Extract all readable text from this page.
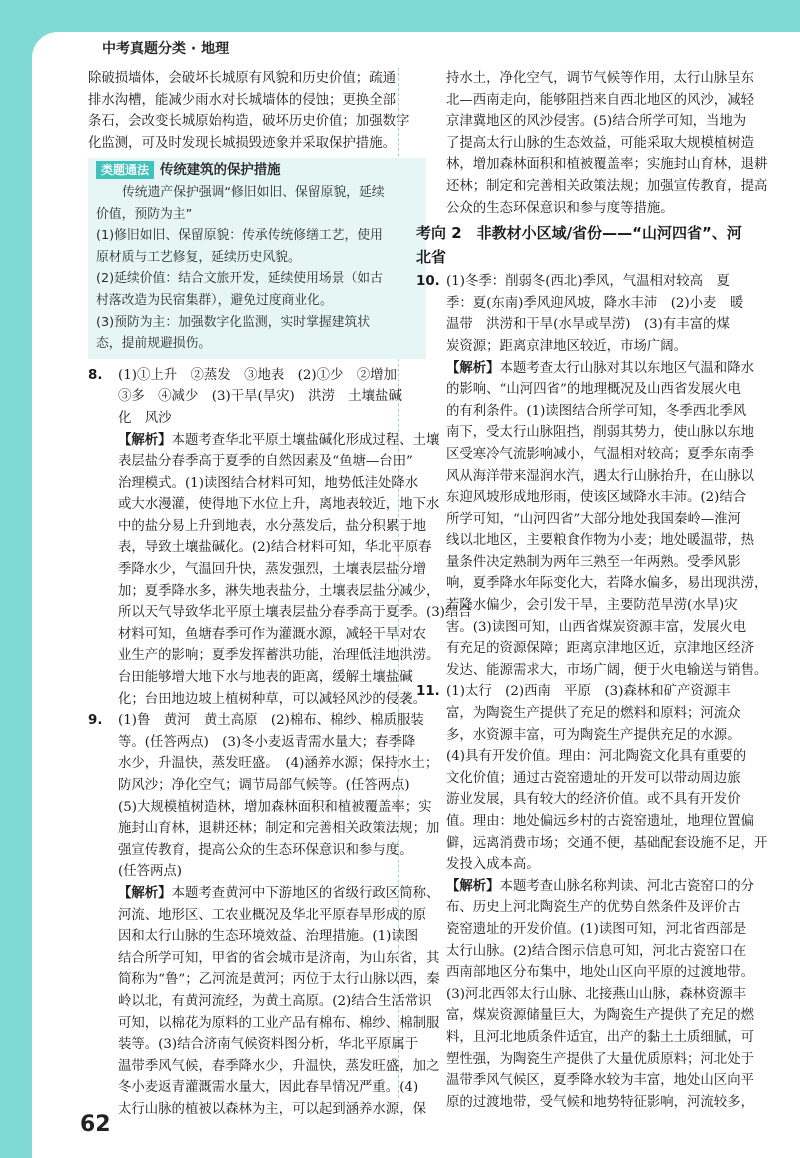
中考真题分类 · 地理
除破损墙体，会破坏长城原有风貌和历史价值；疏通
排水沟槽，能减少雨水对长城墙体的侵蚀；更换全部
条石，会改变长城原始构造，破坏历史价值；加强数字
化监测，可及时发现长城损毁迹象并采取保护措施。
类题通法 传统建筑的保护措施
传统遗产保护强调“修旧如旧、保留原貌，延续
价值，预防为主”
(1)修旧如旧、保留原貌：传承传统修缮工艺，使用
原材质与工艺修复，延续历史风貌。
(2)延续价值：结合文旅开发，延续使用场景（如古
村落改造为民宿集群），避免过度商业化。
(3)预防为主：加强数字化监测，实时掌握建筑状
态，提前规避损伤。
8. (1)①上升　②蒸发　③地表　(2)①少　②增加
③多　④减少　(3)干旱(旱灾)　洪涝　土壤盐碱
化　风沙
【解析】本题考查华北平原土壤盐碱化形成过程、土壤
表层盐分春季高于夏季的自然因素及“鱼塘—台田”
治理模式。(1)读图结合材料可知，地势低洼处降水
或大水漫灌，使得地下水位上升，离地表较近，地下水
中的盐分易上升到地表，水分蒸发后，盐分积累于地
表，导致土壤盐碱化。(2)结合材料可知，华北平原春
季降水少，气温回升快，蒸发强烈，土壤表层盐分增
加；夏季降水多，淋失地表盐分，土壤表层盐分减少，
所以天气导致华北平原土壤表层盐分春季高于夏季。(3)结合
材料可知，鱼塘春季可作为灌溉水源，减轻干旱对农
业生产的影响；夏季发挥蓄洪功能，治理低洼地洪涝。
台田能够增大地下水与地表的距离，缓解土壤盐碱
化；台田地边坡上植树种草，可以减轻风沙的侵袭。
9. (1)鲁　黄河　黄土高原　(2)棉布、棉纱、棉质服装
等。(任答两点)　(3)冬小麦返青需水量大；春季降
水少，升温快，蒸发旺盛。　(4)涵养水源；保持水土；
防风沙；净化空气；调节局部气候等。(任答两点)
(5)大规模植树造林，增加森林面积和植被覆盖率；实
施封山育林，退耕还林；制定和完善相关政策法规；加
强宣传教育，提高公众的生态环保意识和参与度。
(任答两点)
【解析】本题考查黄河中下游地区的省级行政区简称、
河流、地形区、工农业概况及华北平原春旱形成的原
因和太行山脉的生态环境效益、治理措施。(1)读图
结合所学可知，甲省的省会城市是济南，为山东省，其
简称为“鲁”；乙河流是黄河；丙位于太行山脉以西，秦
岭以北，有黄河流经，为黄土高原。(2)结合生活常识
可知，以棉花为原料的工业产品有棉布、棉纱、棉制服
装等。(3)结合济南气候资料图分析，华北平原属于
温带季风气候，春季降水少，升温快，蒸发旺盛，加之
冬小麦返青灌溉需水量大，因此春旱情况严重。(4)
太行山脉的植被以森林为主，可以起到涵养水源，保
持水土，净化空气，调节气候等作用，太行山脉呈东
北—西南走向，能够阻挡来自西北地区的风沙，减轻
京津冀地区的风沙侵害。(5)结合所学可知，当地为
了提高太行山脉的生态效益，可能采取大规模植树造
林，增加森林面积和植被覆盖率；实施封山育林，退耕
还林；制定和完善相关政策法规；加强宣传教育，提高
公众的生态环保意识和参与度等措施。
考向 2　非教材小区域/省份——“山河四省”、河
北省
10. (1)冬季：削弱冬(西北)季风，气温相对较高　夏
季：夏(东南)季风迎风坡，降水丰沛　(2)小麦　暖
温带　洪涝和干旱(水旱或旱涝)　(3)有丰富的煤
炭资源；距离京津地区较近，市场广阔。
【解析】本题考查太行山脉对其以东地区气温和降水
的影响、“山河四省”的地理概况及山西省发展火电
的有利条件。(1)读图结合所学可知，冬季西北季风
南下，受太行山脉阻挡，削弱其势力，使山脉以东地
区受寒冷气流影响减小，气温相对较高；夏季东南季
风从海洋带来湿润水汽，遇太行山脉抬升，在山脉以
东迎风坡形成地形雨，使该区域降水丰沛。(2)结合
所学可知，“山河四省”大部分地处我国秦岭—淮河
线以北地区，主要粮食作物为小麦；地处暖温带，热
量条件决定熟制为两年三熟至一年两熟。受季风影
响，夏季降水年际变化大，若降水偏多，易出现洪涝，
若降水偏少，会引发干旱，主要防范旱涝(水旱)灾
害。(3)读图可知，山西省煤炭资源丰富，发展火电
有充足的资源保障；距离京津地区近，京津地区经济
发达、能源需求大，市场广阔，便于火电输送与销售。
11. (1)太行　(2)西南　平原　(3)森林和矿产资源丰
富，为陶瓷生产提供了充足的燃料和原料；河流众
多，水资源丰富，可为陶瓷生产提供充足的水源。
(4)具有开发价值。理由：河北陶瓷文化具有重要的
文化价值；通过古瓷窑遗址的开发可以带动周边旅
游业发展，具有较大的经济价值。或不具有开发价
值。理由：地处偏远乡村的古瓷窑遗址，地理位置偏
僻，远离消费市场；交通不便，基础配套设施不足，开
发投入成本高。
【解析】本题考查山脉名称判读、河北古瓷窑口的分
布、历史上河北陶瓷生产的优势自然条件及评价古
瓷窑遗址的开发价值。(1)读图可知，河北省西部是
太行山脉。(2)结合图示信息可知，河北古瓷窑口在
西南部地区分布集中，地处山区向平原的过渡地带。
(3)河北西邻太行山脉、北接燕山山脉，森林资源丰
富，煤炭资源储量巨大，为陶瓷生产提供了充足的燃
料，且河北地质条件适宜，出产的黏土土质细腻，可
塑性强，为陶瓷生产提供了大量优质原料；河北处于
温带季风气候区，夏季降水较为丰富，地处山区向平
原的过渡地带，受气候和地势特征影响，河流较多，
62
